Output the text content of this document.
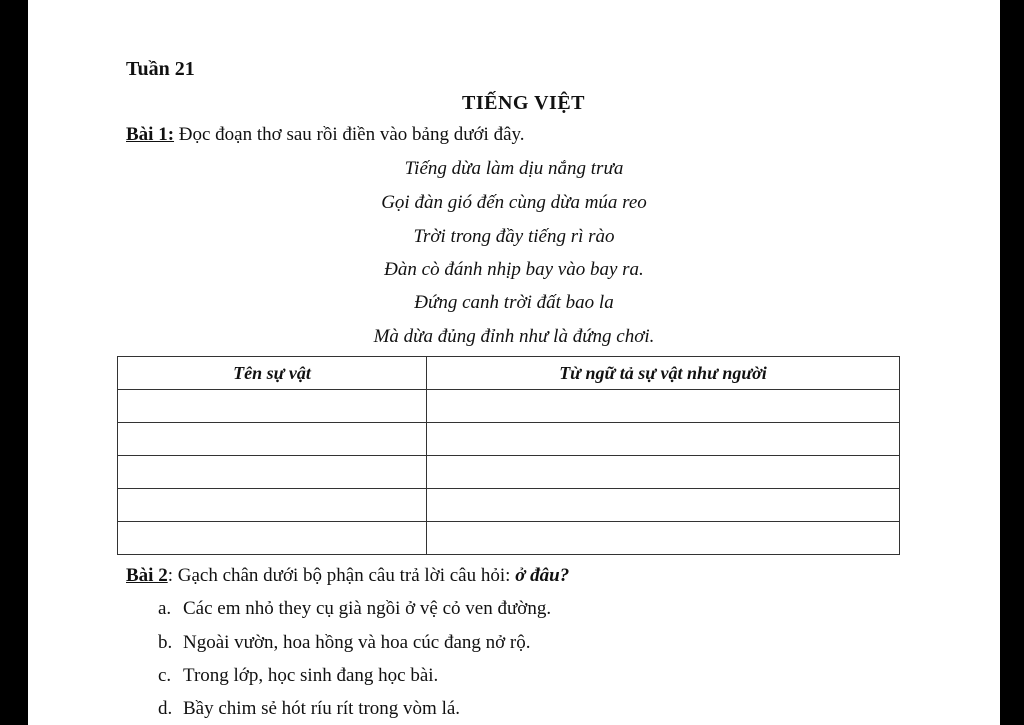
Tuần 21
TIẾNG VIỆT
Bài 1: Đọc đoạn thơ sau rồi điền vào bảng dưới đây.
Tiếng dừa làm dịu nắng trưa
Gọi đàn gió đến cùng dừa múa reo
Trời trong đầy tiếng rì rào
Đàn cò đánh nhịp bay vào bay ra.
Đứng canh trời đất bao la
Mà dừa đủng đỉnh như là đứng chơi.
Tên sự vật	Từ ngữ tả sự vật như người

Bài 2: Gạch chân dưới bộ phận câu trả lời câu hỏi: ở đâu?
a. Các em nhỏ they cụ già ngồi ở vệ cỏ ven đường.
b. Ngoài vườn, hoa hồng và hoa cúc đang nở rộ.
c. Trong lớp, học sinh đang học bài.
d. Bầy chim sẻ hót ríu rít trong vòm lá.
